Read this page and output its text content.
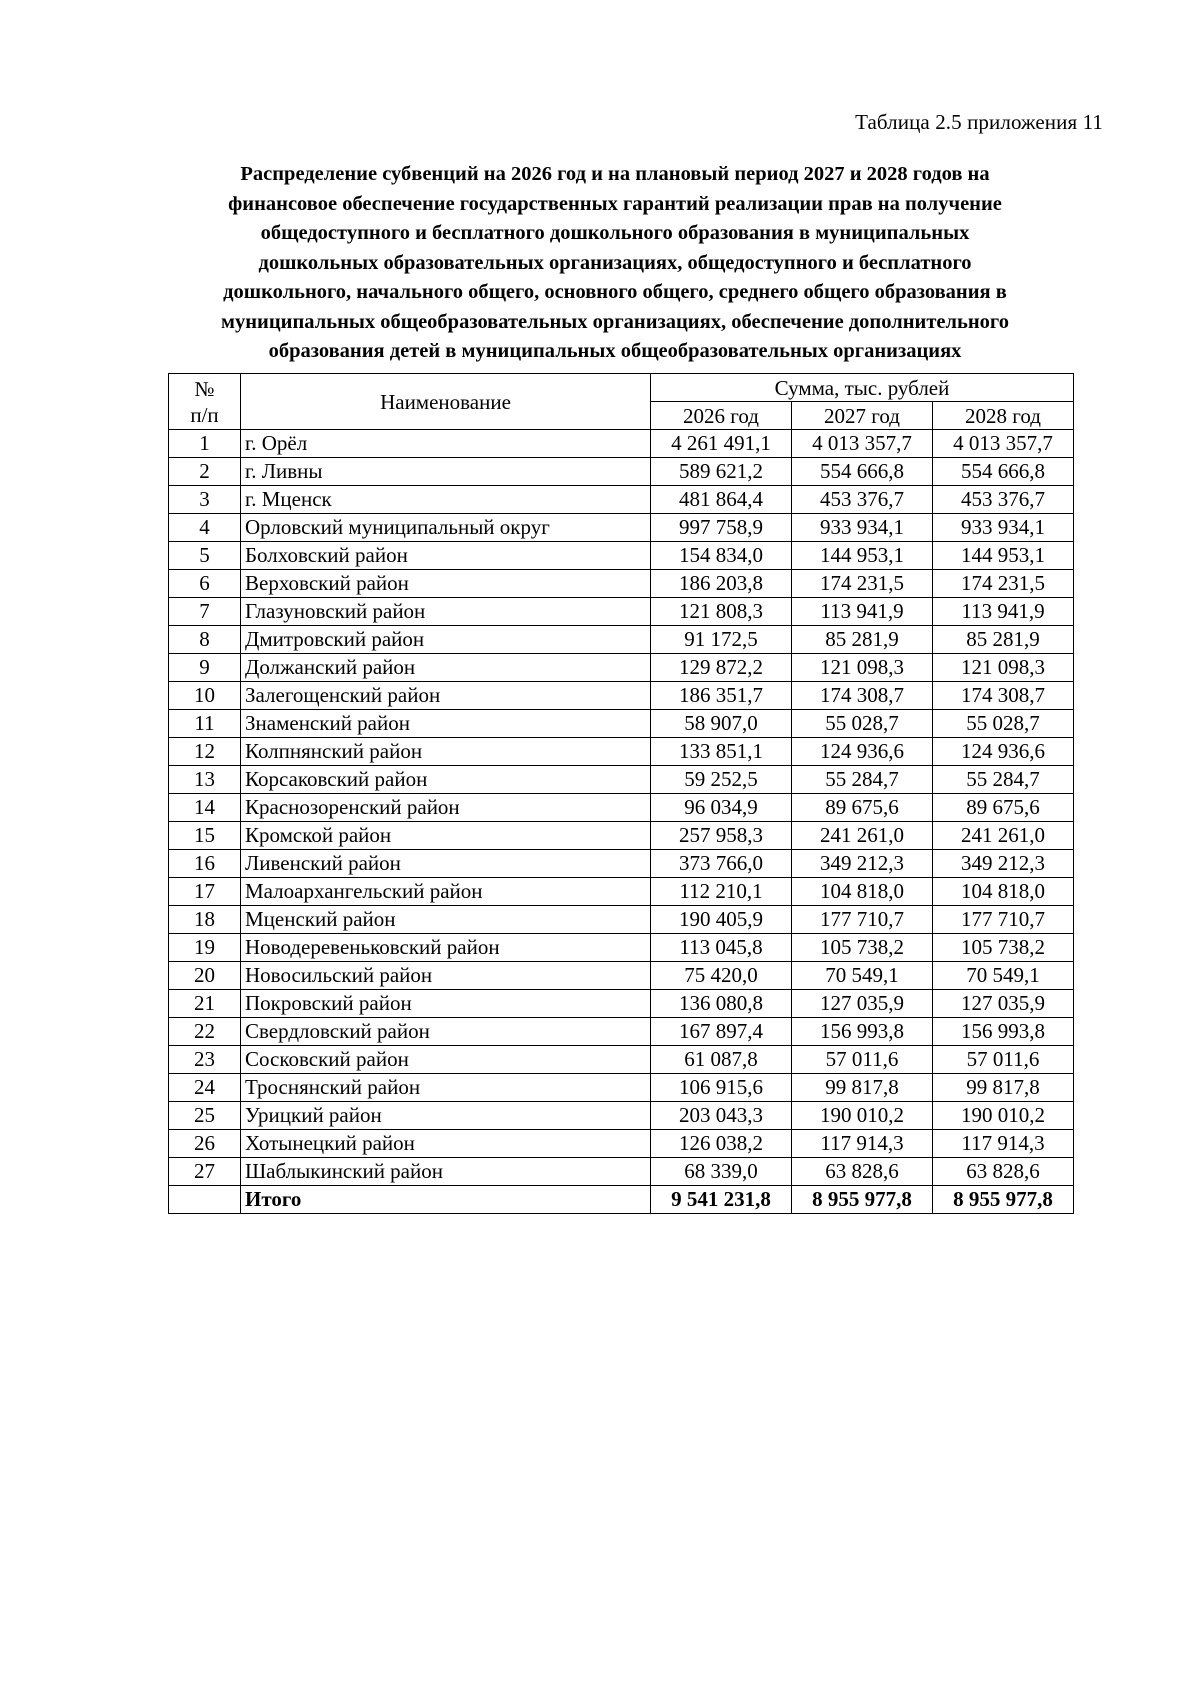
Таблица 2.5 приложения 11
Распределение субвенций на 2026 год и на плановый период 2027 и 2028 годов на
финансовое обеспечение государственных гарантий реализации прав на получение
общедоступного и бесплатного дошкольного образования в муниципальных
дошкольных образовательных организациях, общедоступного и бесплатного
дошкольного, начального общего, основного общего, среднего общего образования в
муниципальных общеобразовательных организациях, обеспечение дополнительного
образования детей в муниципальных общеобразовательных организациях
№
п/п	Наименование	Сумма, тыс. рублей		
		2026 год	2027 год	2028 год
1	г. Орёл	4 261 491,1	4 013 357,7	4 013 357,7
2	г. Ливны	589 621,2	554 666,8	554 666,8
3	г. Мценск	481 864,4	453 376,7	453 376,7
4	Орловский муниципальный округ	997 758,9	933 934,1	933 934,1
5	Болховский район	154 834,0	144 953,1	144 953,1
6	Верховский район	186 203,8	174 231,5	174 231,5
7	Глазуновский район	121 808,3	113 941,9	113 941,9
8	Дмитровский район	91 172,5	85 281,9	85 281,9
9	Должанский район	129 872,2	121 098,3	121 098,3
10	Залегощенский район	186 351,7	174 308,7	174 308,7
11	Знаменский район	58 907,0	55 028,7	55 028,7
12	Колпнянский район	133 851,1	124 936,6	124 936,6
13	Корсаковский район	59 252,5	55 284,7	55 284,7
14	Краснозоренский район	96 034,9	89 675,6	89 675,6
15	Кромской район	257 958,3	241 261,0	241 261,0
16	Ливенский район	373 766,0	349 212,3	349 212,3
17	Малоархангельский район	112 210,1	104 818,0	104 818,0
18	Мценский район	190 405,9	177 710,7	177 710,7
19	Новодеревеньковский район	113 045,8	105 738,2	105 738,2
20	Новосильский район	75 420,0	70 549,1	70 549,1
21	Покровский район	136 080,8	127 035,9	127 035,9
22	Свердловский район	167 897,4	156 993,8	156 993,8
23	Сосковский район	61 087,8	57 011,6	57 011,6
24	Троснянский район	106 915,6	99 817,8	99 817,8
25	Урицкий район	203 043,3	190 010,2	190 010,2
26	Хотынецкий район	126 038,2	117 914,3	117 914,3
27	Шаблыкинский район	68 339,0	63 828,6	63 828,6
	Итого	9 541 231,8	8 955 977,8	8 955 977,8
